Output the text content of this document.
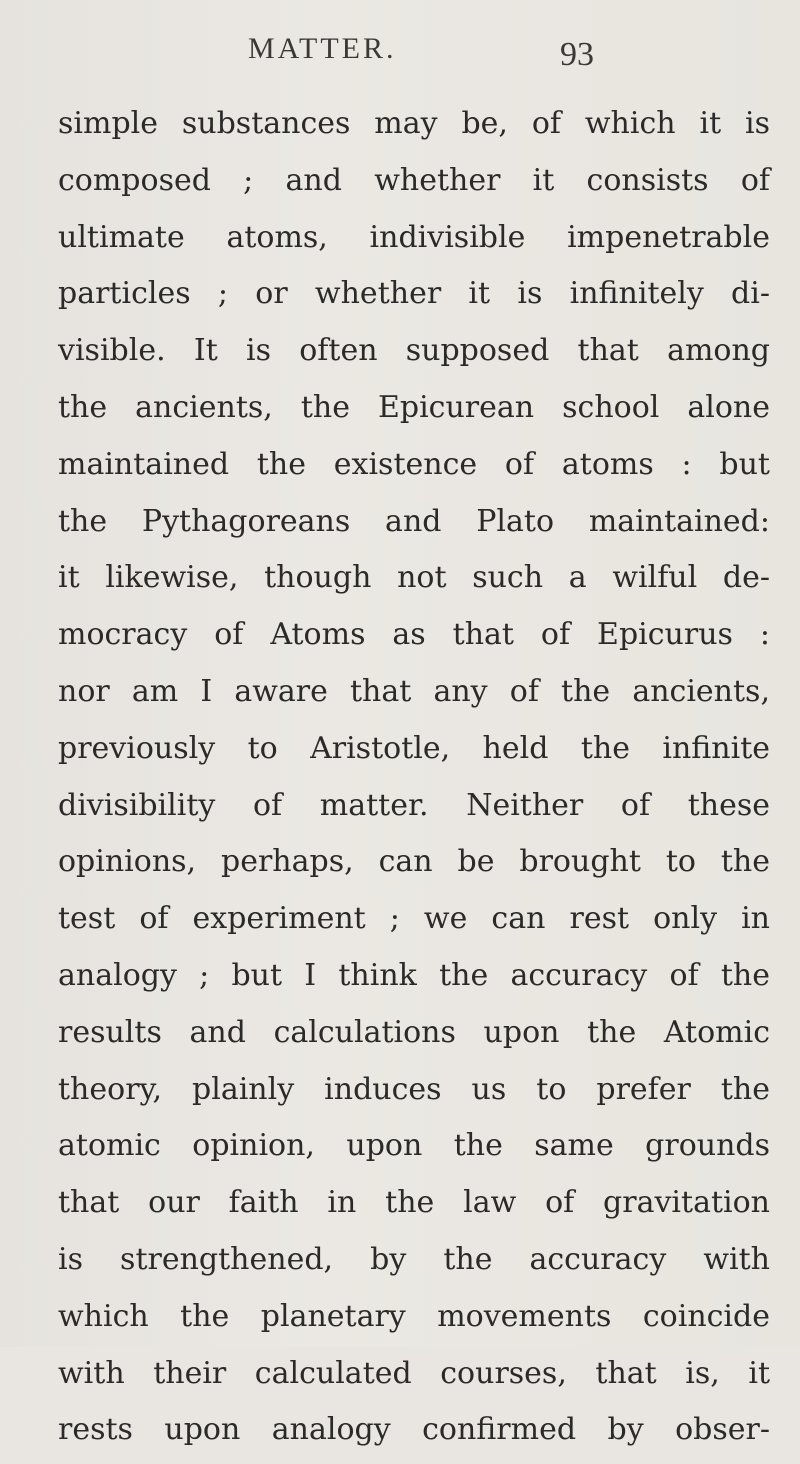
MATTER.	93
simple substances may be, of which it is
composed ; and whether it consists of
ultimate atoms, indivisible impenetrable
particles ; or whether it is infinitely di-
visible. It is often supposed that among
the ancients, the Epicurean school alone
maintained the existence of atoms : but
the Pythagoreans and Plato maintained:
it likewise, though not such a wilful de-
mocracy of Atoms as that of Epicurus :
nor am I aware that any of the ancients,
previously to Aristotle, held the infinite
divisibility of matter. Neither of these
opinions, perhaps, can be brought to the
test of experiment ; we can rest only in
analogy ; but I think the accuracy of the
results and calculations upon the Atomic
theory, plainly induces us to prefer the
atomic opinion, upon the same grounds
that our faith in the law of gravitation
is strengthened, by the accuracy with
which the planetary movements coincide
with their calculated courses, that is, it
rests upon analogy confirmed by obser-
